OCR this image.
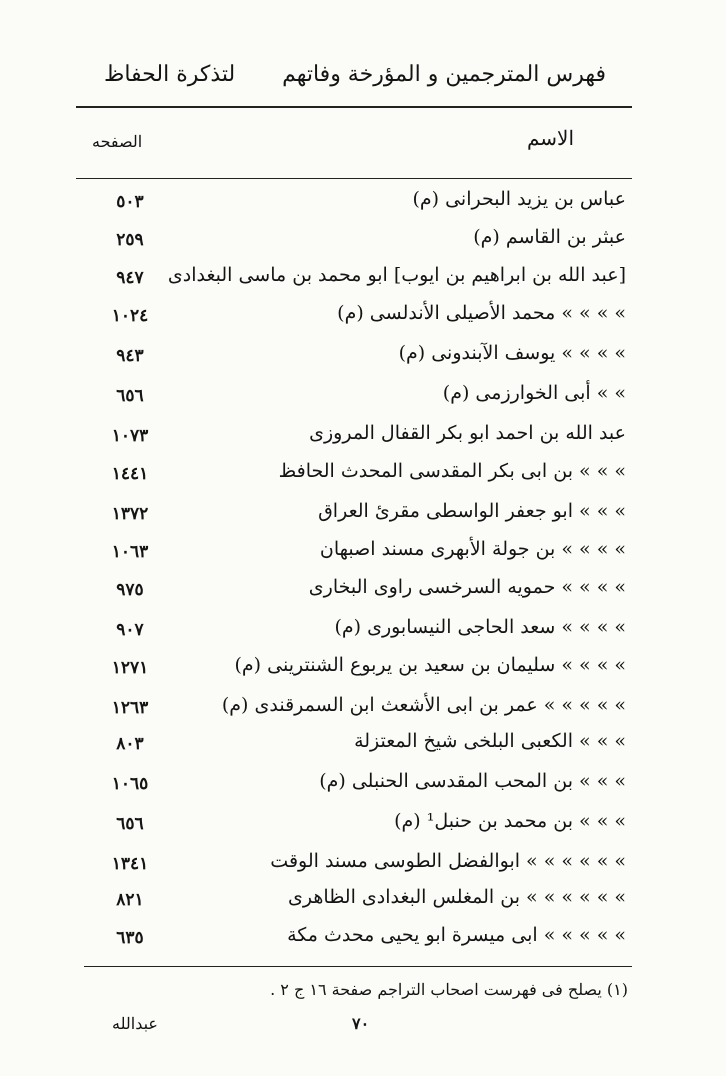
فهرس المترجمين و المؤرخة وفاتهم
لتذكرة الحفاظ
الاسم
الصفحه
عباس بن يزيد البحرانى (م)
٥٠٣
عبثر بن القاسم (م)
٢٥٩
[عبد الله بن ابراهيم بن ايوب] ابو محمد بن ماسى البغدادى
٩٤٧
» » » » محمد الأصيلى الأندلسى (م)
١٠٢٤
» » » » يوسف الآبندونى (م)
٩٤٣
» » أبى الخوارزمى (م)
٦٥٦
عبد الله بن احمد ابو بكر القفال المروزى
١٠٧٣
» » » بن ابى بكر المقدسى المحدث الحافظ
١٤٤١
» » » ابو جعفر الواسطى مقرئ العراق
١٣٧٢
» » » » بن جولة الأبهرى مسند اصبهان
١٠٦٣
» » » » حمويه السرخسى راوى البخارى
٩٧٥
» » » » سعد الحاجى النيسابورى (م)
٩٠٧
» » » » سليمان بن سعيد بن يربوع الشنترينى (م)
١٢٧١
» » » » » عمر بن ابى الأشعث ابن السمرقندى (م)
١٢٦٣
» » » الكعبى البلخى شيخ المعتزلة
٨٠٣
» » » بن المحب المقدسى الحنبلى (م)
١٠٦٥
» » » بن محمد بن حنبل¹ (م)
٦٥٦
» » » » » » ابوالفضل الطوسى مسند الوقت
١٣٤١
» » » » » » بن المغلس البغدادى الظاهرى
٨٢١
» » » » » ابى ميسرة ابو يحيى محدث مكة
٦٣٥
(١) يصلح فى فهرست اصحاب التراجم صفحة ١٦ ج ٢ .
٧٠
عبدالله
